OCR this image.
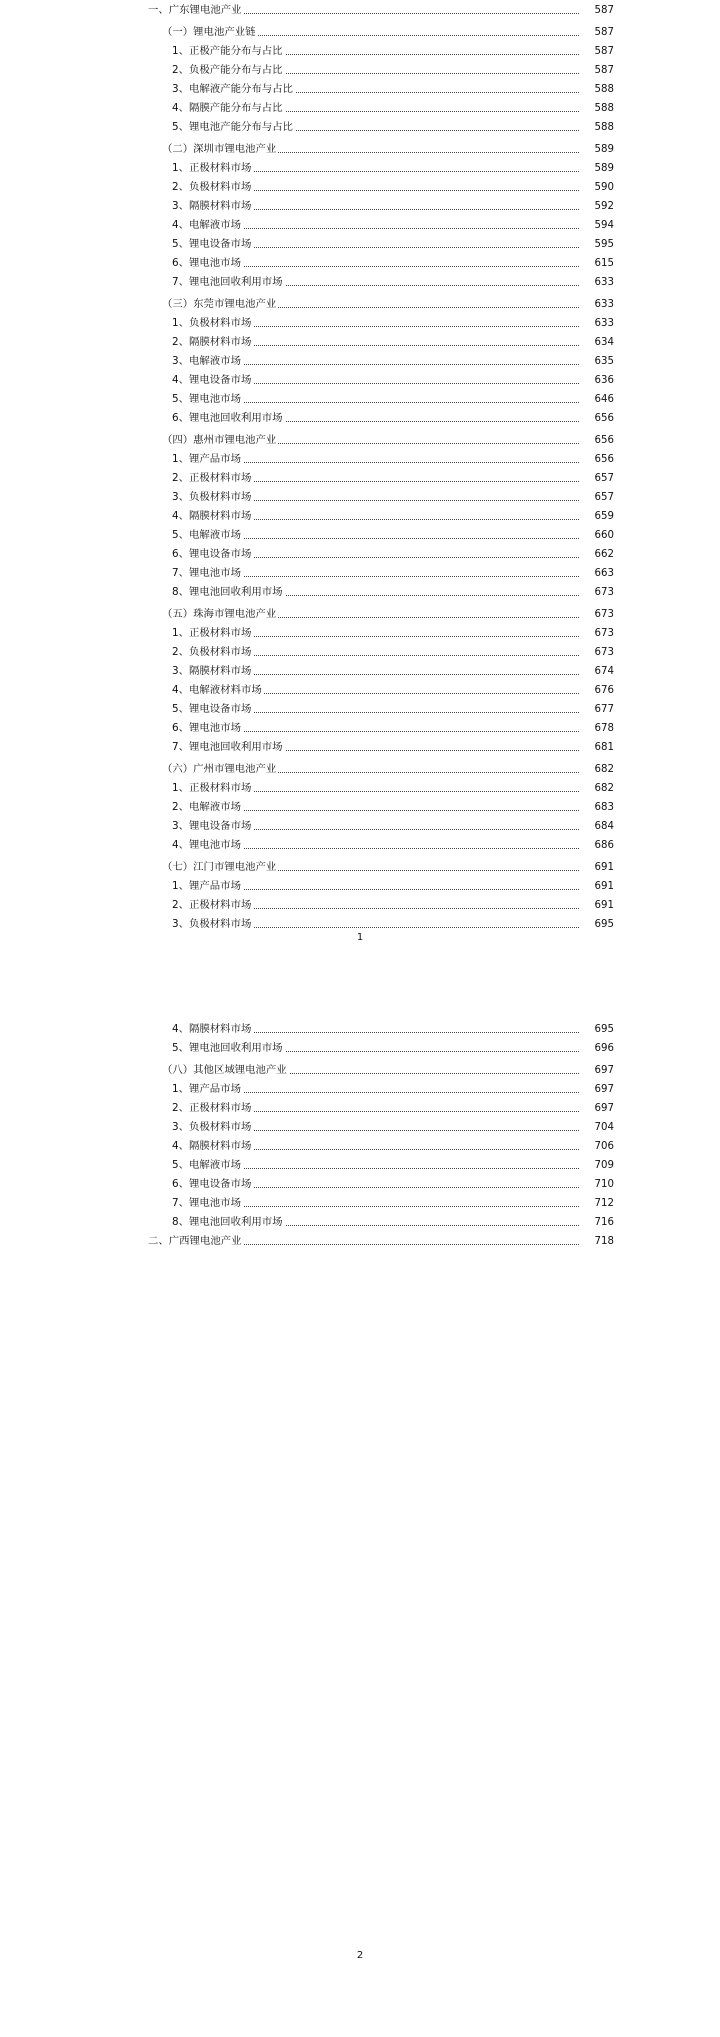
一、广东锂电池产业	587
（一）锂电池产业链	587
1、正极产能分布与占比	587
2、负极产能分布与占比	587
3、电解液产能分布与占比	588
4、隔膜产能分布与占比	588
5、锂电池产能分布与占比	588
（二）深圳市锂电池产业	589
1、正极材料市场	589
2、负极材料市场	590
3、隔膜材料市场	592
4、电解液市场	594
5、锂电设备市场	595
6、锂电池市场	615
7、锂电池回收利用市场	633
（三）东莞市锂电池产业	633
1、负极材料市场	633
2、隔膜材料市场	634
3、电解液市场	635
4、锂电设备市场	636
5、锂电池市场	646
6、锂电池回收利用市场	656
（四）惠州市锂电池产业	656
1、锂产品市场	656
2、正极材料市场	657
3、负极材料市场	657
4、隔膜材料市场	659
5、电解液市场	660
6、锂电设备市场	662
7、锂电池市场	663
8、锂电池回收利用市场	673
（五）珠海市锂电池产业	673
1、正极材料市场	673
2、负极材料市场	673
3、隔膜材料市场	674
4、电解液材料市场	676
5、锂电设备市场	677
6、锂电池市场	678
7、锂电池回收利用市场	681
（六）广州市锂电池产业	682
1、正极材料市场	682
2、电解液市场	683
3、锂电设备市场	684
4、锂电池市场	686
（七）江门市锂电池产业	691
1、锂产品市场	691
2、正极材料市场	691
3、负极材料市场	695
4、隔膜材料市场	695
5、锂电池回收利用市场	696
（八）其他区域锂电池产业	697
1、锂产品市场	697
2、正极材料市场	697
3、负极材料市场	704
4、隔膜材料市场	706
5、电解液市场	709
6、锂电设备市场	710
7、锂电池市场	712
8、锂电池回收利用市场	716
二、广西锂电池产业	718
1
2
